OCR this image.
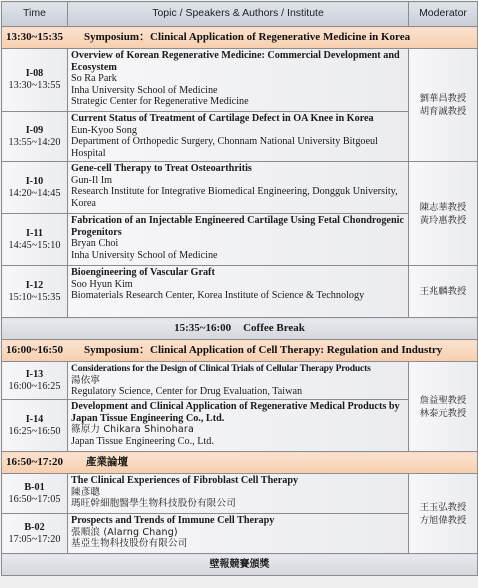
Time	Topic / Speakers & Authors / Institute	Moderator
13:30~15:35 Symposium：Clinical Application of Regenerative Medicine in Korea		

I-08
13:30~13:55	Overview of Korean Regenerative Medicine: Commercial Development and Ecosystem
So Ra Park
Inha University School of Medicine
Strategic Center for Regenerative Medicine	劉華昌教授
胡育誠教授

I-09
13:55~14:20	Current Status of Treatment of Cartilage Defect in OA Knee in Korea
Eun-Kyoo Song
Department of Orthopedic Surgery, Chonnam National University Bitgoeul Hospital	

I-10
14:20~14:45	Gene-cell Therapy to Treat Osteoarthritis
Gun-Il Im
Research Institute for Integrative Biomedical Engineering, Dongguk University, Korea	陳志華教授
黃玲惠教授

I-11
14:45~15:10	Fabrication of an Injectable Engineered Cartilage Using Fetal Chondrogenic Progenitors
Bryan Choi
Inha University School of Medicine	

I-12
15:10~15:35	Bioengineering of Vascular Graft
Soo Hyun Kim
Biomaterials Research Center, Korea Institute of Science & Technology	王兆麟教授

15:35~16:00 Coffee Break		
16:00~16:50 Symposium：Clinical Application of Cell Therapy: Regulation and Industry		

I-13
16:00~16:25	Considerations for the Design of Clinical Trials of Cellular Therapy Products
湯依寧
Regulatory Science, Center for Drug Evaluation, Taiwan	詹益聖教授
林泰元教授

I-14
16:25~16:50	Development and Clinical Application of Regenerative Medical Products by Japan Tissue Engineering Co., Ltd.
篠原力 Chikara Shinohara
Japan Tissue Engineering Co., Ltd.	

16:50~17:20 產業論壇		

B-01
16:50~17:05	The Clinical Experiences of Fibroblast Cell Therapy
陳彥聰
瑪旺幹細胞醫學生物科技股份有限公司	王玉弘教授
方旭偉教授

B-02
17:05~17:20	Prospects and Trends of Immune Cell Therapy
張順浪 (Alarng Chang)
基亞生物科技股份有限公司	

壁報競賽頒獎		
